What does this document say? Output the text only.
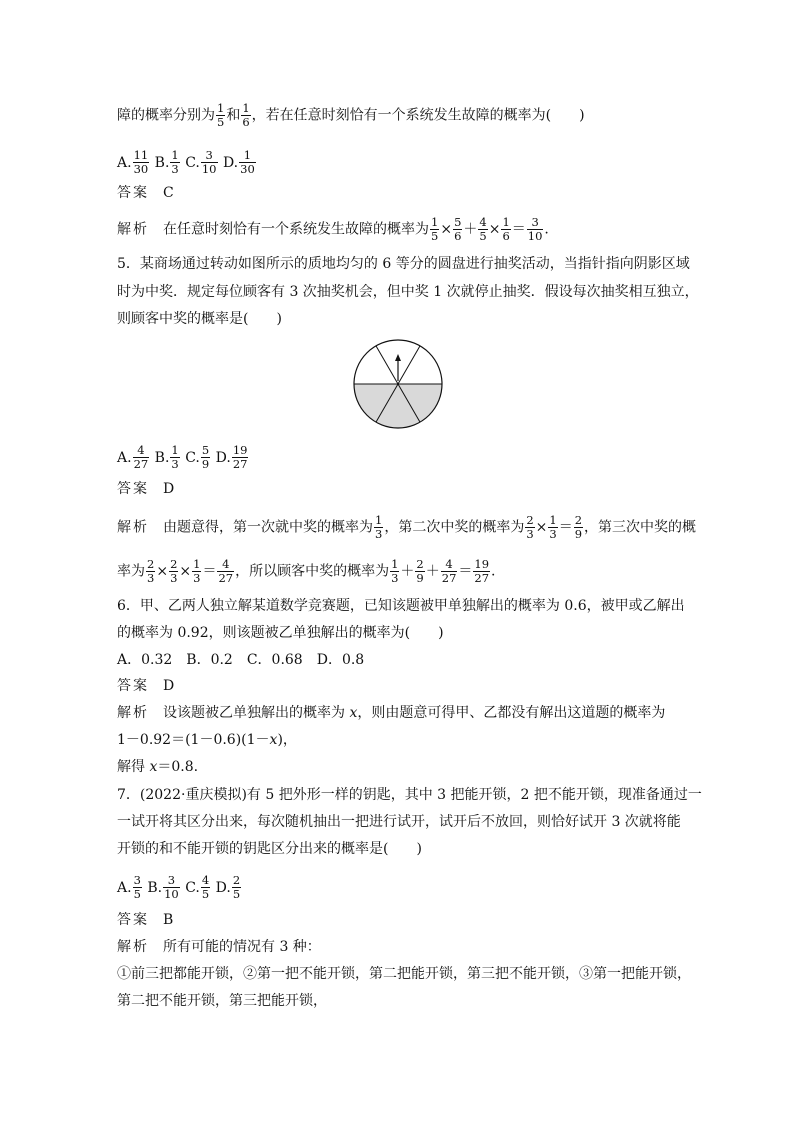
障的概率分别为 $\frac{1}{5}$ 和 $\frac{1}{6}$ ，若在任意时刻恰有一个系统发生故障的概率为(　　)
A. $\frac{11}{30} B$. $\frac{1}{3} C$. $\frac{3}{10} D$. $\frac{1}{30}$
答案 C
解析 在任意时刻恰有一个系统发生故障的概率为 $\frac{1}{5} \times \frac{5}{6} + \frac{4}{5} \times \frac{1}{6} = \frac{3}{10}$ .
5．某商场通过转动如图所示的质地均匀的 6 等分的圆盘进行抽奖活动，当指针指向阴影区域
时为中奖．规定每位顾客有 3 次抽奖机会，但中奖 1 次就停止抽奖．假设每次抽奖相互独立，
则顾客中奖的概率是(　　)
A. $\frac{4}{27} B$. $\frac{1}{3} C$. $\frac{5}{9} D$. $\frac{19}{27}$
答案 D
解析 由题意得，第一次就中奖的概率为 $\frac{1}{3}$ ，第二次中奖的概率为 $\frac{2}{3} \times \frac{1}{3} = \frac{2}{9}$ ，第三次中奖的概
率为 $\frac{2}{3} \times \frac{2}{3} \times \frac{1}{3} = \frac{4}{27}$ ，所以顾客中奖的概率为 $\frac{1}{3} + \frac{2}{9} + \frac{4}{27} = \frac{19}{27}$ .
6．甲、乙两人独立解某道数学竞赛题，已知该题被甲单独解出的概率为 0.6，被甲或乙解出
的概率为 0.92，则该题被乙单独解出的概率为(　　)
A．0.32　B．0.2　C．0.68　D．0.8
答案 D
解析 设该题被乙单独解出的概率为 x，则由题意可得甲、乙都没有解出这道题的概率为
1－0.92＝(1－0.6)(1－x)，
解得 x＝0.8.
7．(2022·重庆模拟)有 5 把外形一样的钥匙，其中 3 把能开锁，2 把不能开锁，现准备通过一
一试开将其区分出来，每次随机抽出一把进行试开，试开后不放回，则恰好试开 3 次就将能
开锁的和不能开锁的钥匙区分出来的概率是(　　)
A. $\frac{3}{5} B$. $\frac{3}{10} C$. $\frac{4}{5} D$. $\frac{2}{5}$
答案 B
解析 所有可能的情况有 3 种：
①前三把都能开锁，②第一把不能开锁，第二把能开锁，第三把不能开锁，③第一把能开锁，
第二把不能开锁，第三把能开锁，
